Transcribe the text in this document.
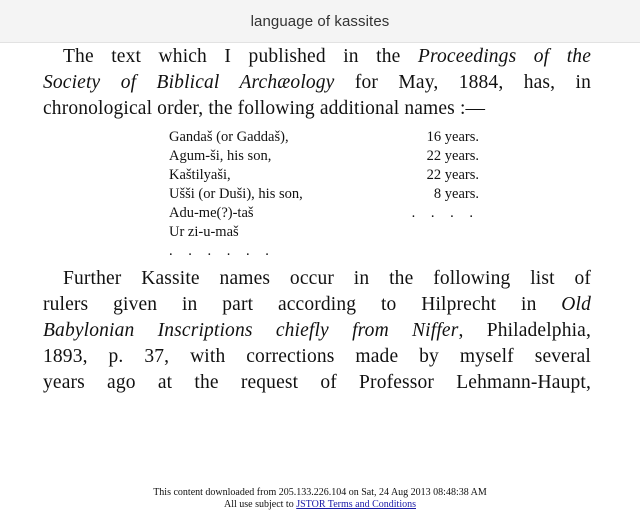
language of kassites
The text which I published in the Proceedings of the
Society of Biblical Archæology for May, 1884, has, in
chronological order, the following additional names :—
Gandaš (or Gaddaš),	16 years.
Agum-ši, his son,	22 years.
Kaštilyaši,	22 years.
Ušši (or Duši), his son,	8 years.
Adu-me(?)-taš	. . . .
Ur zi-u-maš
. . . . . .
Further Kassite names occur in the following list of
rulers given in part according to Hilprecht in Old
Babylonian Inscriptions chiefly from Niffer, Philadelphia,
1893, p. 37, with corrections made by myself several
years ago at the request of Professor Lehmann-Haupt,
This content downloaded from 205.133.226.104 on Sat, 24 Aug 2013 08:48:38 AM
All use subject to JSTOR Terms and Conditions
